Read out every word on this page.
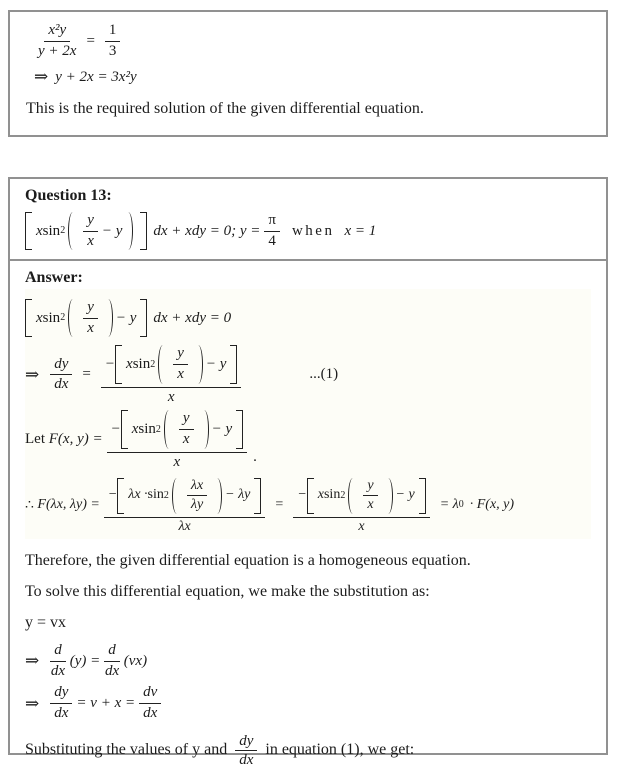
$\frac{\text{x²y}}{y + 2x} = \frac{1}{3}$
⇒ y + 2x = 3x²y

This is the required solution of the given differential equation.

Question 13:
x $\sin 2 \frac{y}{x} - y$ dx + xdy = 0; $y = \frac{\pi}{4}$ when x = 1
Answer:
x $\sin 2 \frac{y}{x} - y$ dx + xdy = 0
⇒ $\frac{dy}{dx}$ =
− x $\sin 2 \frac{y}{x} - y$
x
...(1)
Let
F(x, y) =
− x $\sin 2 \frac{y}{x} - y$
x	.
∴
F(λx, λy) =
− $\lambda x \cdot \sin 2 \frac{\lambda x}{\lambda y} - \lambda y$
λx
=
− x $\sin 2 \frac{y}{x} - y$
x
= λ 0 · F(x, y)

Therefore, the given differential equation is a homogeneous equation.

To solve this differential equation, we make the substitution as:

y = vx

⇒ $\frac{d}{dx} (y) = \frac{d}{dx} (vx)$
⇒ $\frac{dy}{dx} = v + x = \frac{dv}{dx}$

Substituting the values of y and $\frac{dy}{dx}$ in equation (1), we get:
